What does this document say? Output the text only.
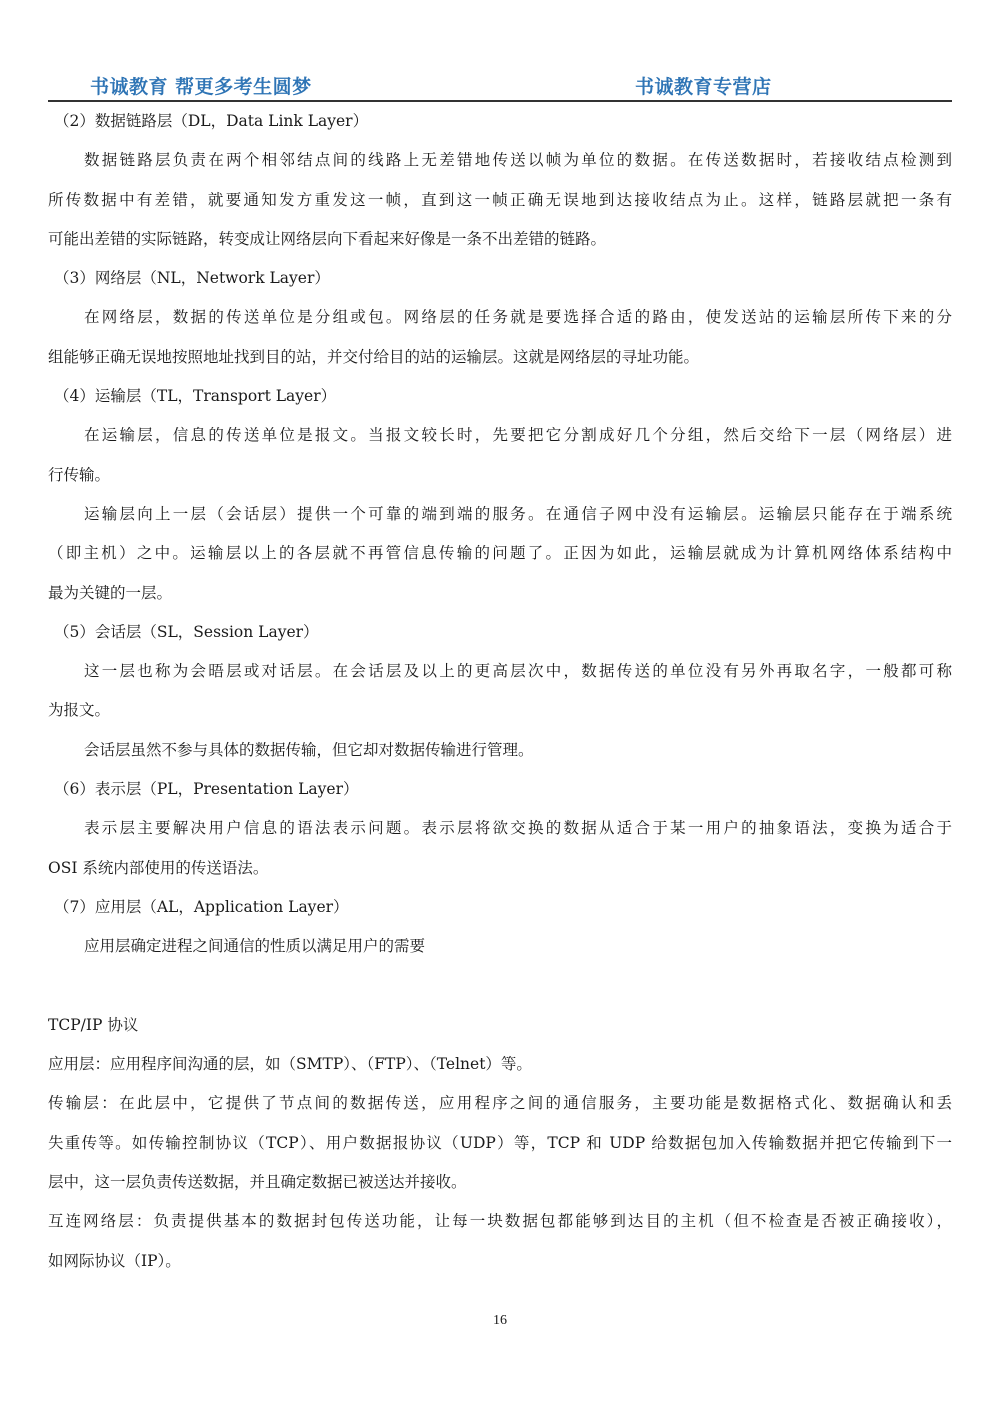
书诚教育 帮更多考生圆梦	书诚教育专营店
（2）数据链路层（DL，Data Link Layer）
数据链路层负责在两个相邻结点间的线路上无差错地传送以帧为单位的数据。在传送数据时，若接收结点检测到
所传数据中有差错，就要通知发方重发这一帧，直到这一帧正确无误地到达接收结点为止。这样，链路层就把一条有
可能出差错的实际链路，转变成让网络层向下看起来好像是一条不出差错的链路。
（3）网络层（NL，Network Layer）
在网络层，数据的传送单位是分组或包。网络层的任务就是要选择合适的路由，使发送站的运输层所传下来的分
组能够正确无误地按照地址找到目的站，并交付给目的站的运输层。这就是网络层的寻址功能。
（4）运输层（TL，Transport Layer）
在运输层，信息的传送单位是报文。当报文较长时，先要把它分割成好几个分组，然后交给下一层（网络层）进
行传输。
运输层向上一层（会话层）提供一个可靠的端到端的服务。在通信子网中没有运输层。运输层只能存在于端系统
（即主机）之中。运输层以上的各层就不再管信息传输的问题了。正因为如此，运输层就成为计算机网络体系结构中
最为关键的一层。
（5）会话层（SL，Session Layer）
这一层也称为会晤层或对话层。在会话层及以上的更高层次中，数据传送的单位没有另外再取名字，一般都可称
为报文。
会话层虽然不参与具体的数据传输，但它却对数据传输进行管理。
（6）表示层（PL，Presentation Layer）
表示层主要解决用户信息的语法表示问题。表示层将欲交换的数据从适合于某一用户的抽象语法，变换为适合于
OSI 系统内部使用的传送语法。
（7）应用层（AL，Application Layer）
应用层确定进程之间通信的性质以满足用户的需要
TCP/IP 协议
应用层：应用程序间沟通的层，如（SMTP）、（FTP）、（Telnet）等。
传输层：在此层中，它提供了节点间的数据传送，应用程序之间的通信服务，主要功能是数据格式化、数据确认和丢
失重传等。如传输控制协议（TCP）、用户数据报协议（UDP）等，TCP 和 UDP 给数据包加入传输数据并把它传输到下一
层中，这一层负责传送数据，并且确定数据已被送达并接收。
互连网络层：负责提供基本的数据封包传送功能，让每一块数据包都能够到达目的主机（但不检查是否被正确接收），
如网际协议（IP）。
16
